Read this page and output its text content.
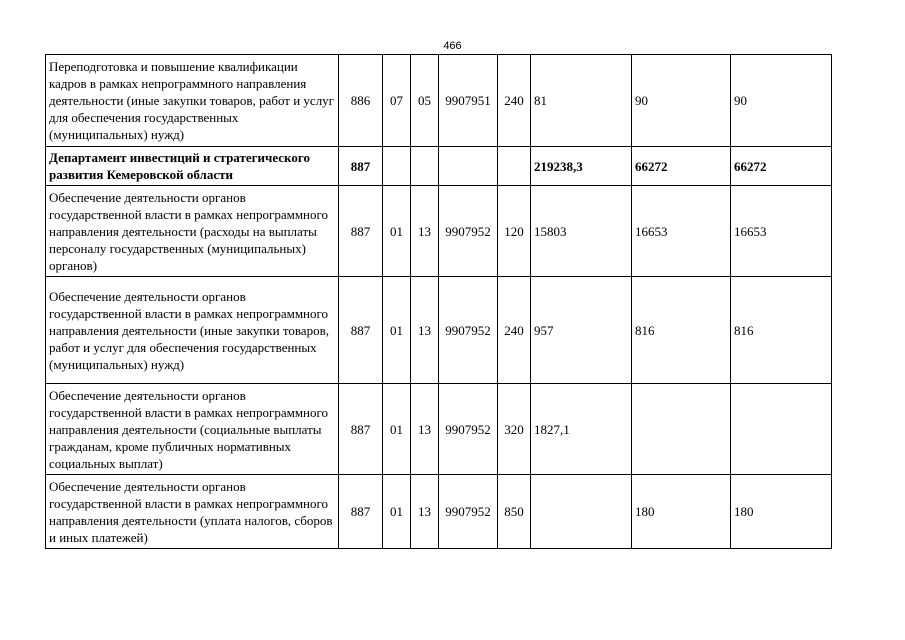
466
Переподготовка и повышение квалификации кадров в рамках непрограммного направления деятельности (иные закупки товаров, работ и услуг для обеспечения государственных (муниципальных) нужд)	886	07	05	9907951	240	81	90	90
Департамент инвестиций и стратегического развития Кемеровской области	887					219238,3	66272	66272
Обеспечение деятельности органов государственной власти в рамках непрограммного направления деятельности (расходы на выплаты персоналу государственных (муниципальных) органов)	887	01	13	9907952	120	15803	16653	16653
Обеспечение деятельности органов государственной власти в рамках непрограммного направления деятельности (иные закупки товаров, работ и услуг для обеспечения государственных (муниципальных) нужд)	887	01	13	9907952	240	957	816	816
Обеспечение деятельности органов государственной власти в рамках непрограммного направления деятельности (социальные выплаты гражданам, кроме публичных нормативных социальных выплат)	887	01	13	9907952	320	1827,1		
Обеспечение деятельности органов государственной власти в рамках непрограммного направления деятельности (уплата налогов, сборов и иных платежей)	887	01	13	9907952	850		180	180
